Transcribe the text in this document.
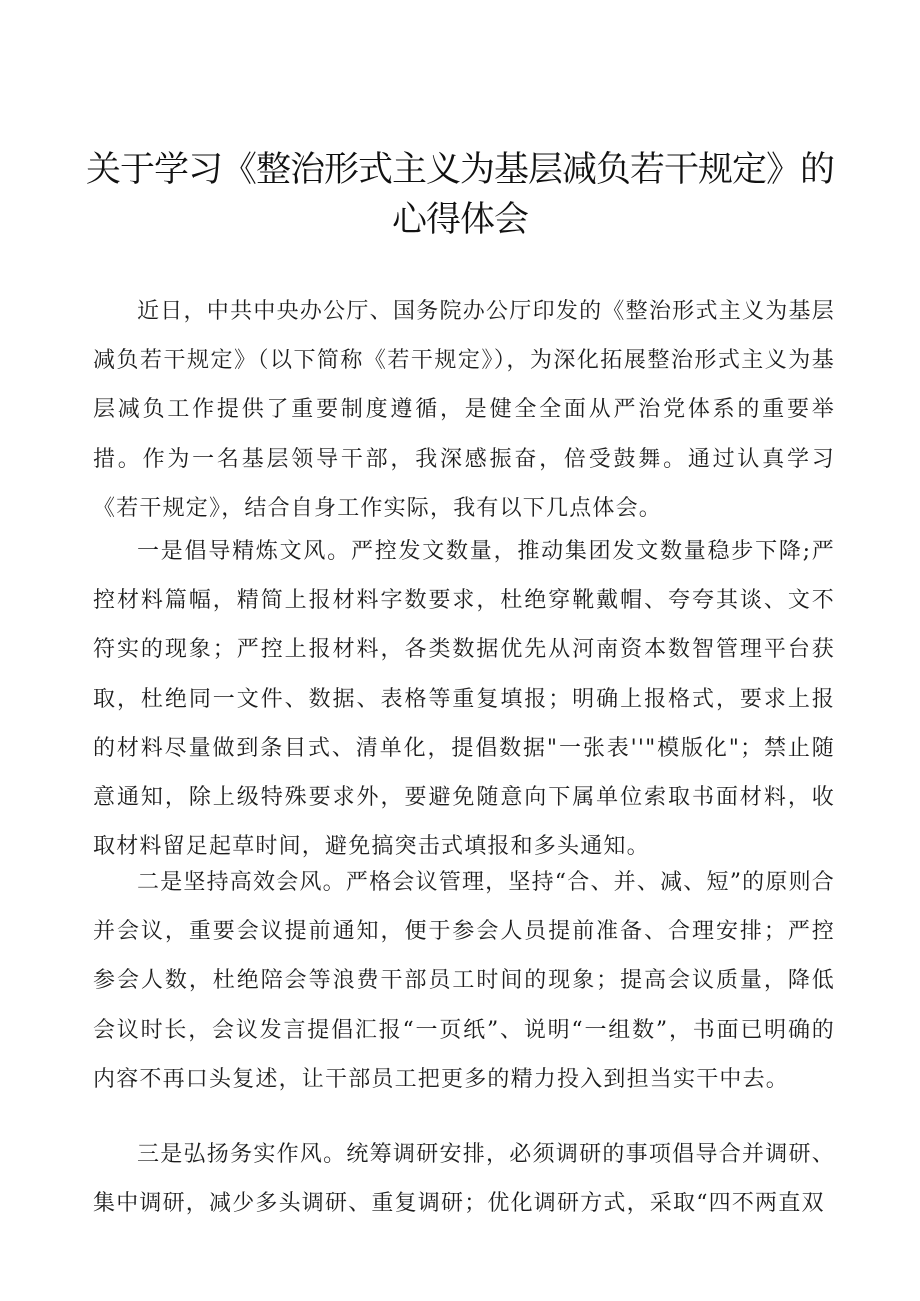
关于学习《整治形式主义为基层减负若干规定》的
心得体会

近日，中共中央办公厅、国务院办公厅印发的《整治形式主义为基层减负若干规定》（以下简称《若干规定》），为深化拓展整治形式主义为基层减负工作提供了重要制度遵循，是健全全面从严治党体系的重要举措。作为一名基层领导干部，我深感振奋，倍受鼓舞。通过认真学习《若干规定》，结合自身工作实际，我有以下几点体会。

一是倡导精炼文风。严控发文数量，推动集团发文数量稳步下降;严控材料篇幅，精简上报材料字数要求，杜绝穿靴戴帽、夸夸其谈、文不符实的现象；严控上报材料，各类数据优先从河南资本数智管理平台获取，杜绝同一文件、数据、表格等重复填报；明确上报格式，要求上报的材料尽量做到条目式、清单化，提倡数据"一张表''"模版化"；禁止随意通知，除上级特殊要求外，要避免随意向下属单位索取书面材料，收取材料留足起草时间，避免搞突击式填报和多头通知。

二是坚持高效会风。严格会议管理，坚持“合、并、减、短”的原则合并会议，重要会议提前通知，便于参会人员提前准备、合理安排；严控参会人数，杜绝陪会等浪费干部员工时间的现象；提高会议质量，降低会议时长，会议发言提倡汇报“一页纸”、说明“一组数”，书面已明确的内容不再口头复述，让干部员工把更多的精力投入到担当实干中去。

三是弘扬务实作风。统筹调研安排，必须调研的事项倡导合并调研、集中调研，减少多头调研、重复调研；优化调研方式，采取“四不两直双
